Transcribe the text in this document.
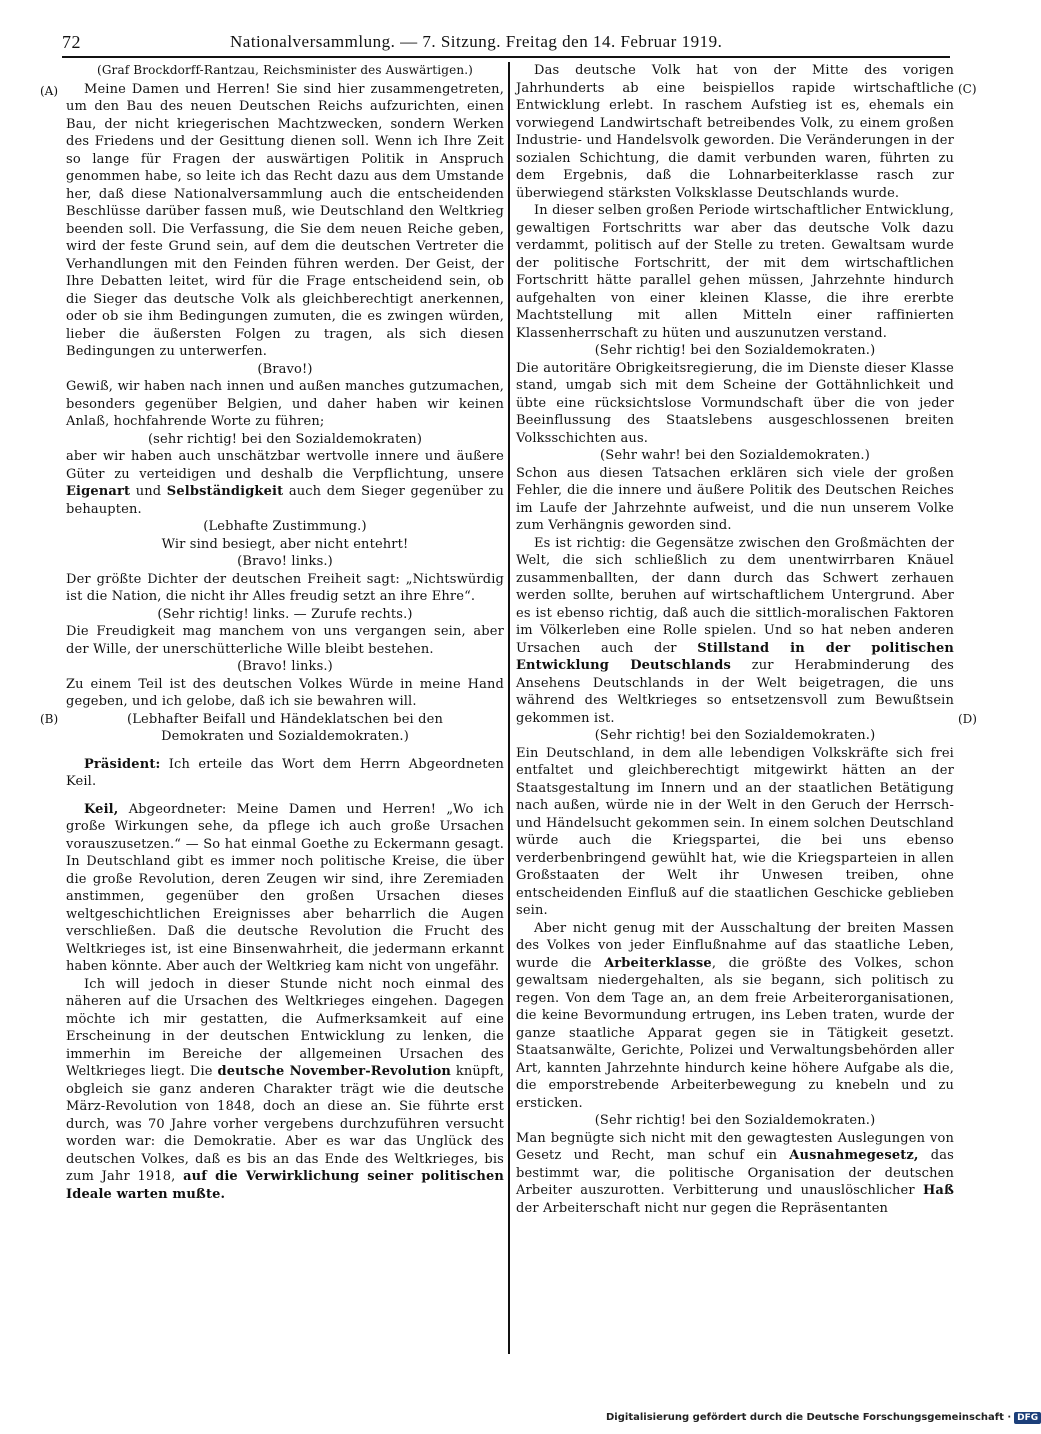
72	Nationalversammlung. — 7. Sitzung. Freitag den 14. Februar 1919.
(A)
(B)
(C)
(D)

(Graf Brockdorff-Rantzau, Reichsminister des Auswärtigen.)

Meine Damen und Herren! Sie sind hier zusammengetreten, um den Bau des neuen Deutschen Reichs aufzurichten, einen Bau, der nicht kriegerischen Machtzwecken, sondern Werken des Friedens und der Gesittung dienen soll. Wenn ich Ihre Zeit so lange für Fragen der auswärtigen Politik in Anspruch genommen habe, so leite ich das Recht dazu aus dem Umstande her, daß diese Nationalversammlung auch die entscheidenden Beschlüsse darüber fassen muß, wie Deutschland den Weltkrieg beenden soll. Die Verfassung, die Sie dem neuen Reiche geben, wird der feste Grund sein, auf dem die deutschen Vertreter die Verhandlungen mit den Feinden führen werden. Der Geist, der Ihre Debatten leitet, wird für die Frage entscheidend sein, ob die Sieger das deutsche Volk als gleichberechtigt anerkennen, oder ob sie ihm Bedingungen zumuten, die es zwingen würden, lieber die äußersten Folgen zu tragen, als sich diesen Bedingungen zu unterwerfen.

(Bravo!)

Gewiß, wir haben nach innen und außen manches gutzumachen, besonders gegenüber Belgien, und daher haben wir keinen Anlaß, hochfahrende Worte zu führen;

(sehr richtig! bei den Sozialdemokraten)

aber wir haben auch unschätzbar wertvolle innere und äußere Güter zu verteidigen und deshalb die Verpflichtung, unsere Eigenart und Selbständigkeit auch dem Sieger gegenüber zu behaupten.

(Lebhafte Zustimmung.)

Wir sind besiegt, aber nicht entehrt!

(Bravo! links.)

Der größte Dichter der deutschen Freiheit sagt: „Nichtswürdig ist die Nation, die nicht ihr Alles freudig setzt an ihre Ehre“.

(Sehr richtig! links. — Zurufe rechts.)

Die Freudigkeit mag manchem von uns vergangen sein, aber der Wille, der unerschütterliche Wille bleibt bestehen.

(Bravo! links.)

Zu einem Teil ist des deutschen Volkes Würde in meine Hand gegeben, und ich gelobe, daß ich sie bewahren will.

(Lebhafter Beifall und Händeklatschen bei den

Demokraten und Sozialdemokraten.)

Präsident: Ich erteile das Wort dem Herrn Abgeordneten Keil.

Keil, Abgeordneter: Meine Damen und Herren! „Wo ich große Wirkungen sehe, da pflege ich auch große Ursachen vorauszusetzen.“ — So hat einmal Goethe zu Eckermann gesagt. In Deutschland gibt es immer noch politische Kreise, die über die große Revolution, deren Zeugen wir sind, ihre Zeremiaden anstimmen, gegenüber den großen Ursachen dieses weltgeschichtlichen Ereignisses aber beharrlich die Augen verschließen. Daß die deutsche Revolution die Frucht des Weltkrieges ist, ist eine Binsenwahrheit, die jedermann erkannt haben könnte. Aber auch der Weltkrieg kam nicht von ungefähr.

Ich will jedoch in dieser Stunde nicht noch einmal des näheren auf die Ursachen des Weltkrieges eingehen. Dagegen möchte ich mir gestatten, die Aufmerksamkeit auf eine Erscheinung in der deutschen Entwicklung zu lenken, die immerhin im Bereiche der allgemeinen Ursachen des Weltkrieges liegt. Die deutsche November-Revolution knüpft, obgleich sie ganz anderen Charakter trägt wie die deutsche März-Revolution von 1848, doch an diese an. Sie führte erst durch, was 70 Jahre vorher vergebens durchzuführen versucht worden war: die Demokratie. Aber es war das Unglück des deutschen Volkes, daß es bis an das Ende des Weltkrieges, bis zum Jahr 1918, auf die Verwirklichung seiner politischen Ideale warten mußte.

Das deutsche Volk hat von der Mitte des vorigen Jahrhunderts ab eine beispiellos rapide wirtschaftliche Entwicklung erlebt. In raschem Aufstieg ist es, ehemals ein vorwiegend Landwirtschaft betreibendes Volk, zu einem großen Industrie- und Handelsvolk geworden. Die Veränderungen in der sozialen Schichtung, die damit verbunden waren, führten zu dem Ergebnis, daß die Lohnarbeiterklasse rasch zur überwiegend stärksten Volksklasse Deutschlands wurde.

In dieser selben großen Periode wirtschaftlicher Entwicklung, gewaltigen Fortschritts war aber das deutsche Volk dazu verdammt, politisch auf der Stelle zu treten. Gewaltsam wurde der politische Fortschritt, der mit dem wirtschaftlichen Fortschritt hätte parallel gehen müssen, Jahrzehnte hindurch aufgehalten von einer kleinen Klasse, die ihre ererbte Machtstellung mit allen Mitteln einer raffinierten Klassenherrschaft zu hüten und auszunutzen verstand.

(Sehr richtig! bei den Sozialdemokraten.)

Die autoritäre Obrigkeitsregierung, die im Dienste dieser Klasse stand, umgab sich mit dem Scheine der Gottähnlichkeit und übte eine rücksichtslose Vormundschaft über die von jeder Beeinflussung des Staatslebens ausgeschlossenen breiten Volksschichten aus.

(Sehr wahr! bei den Sozialdemokraten.)

Schon aus diesen Tatsachen erklären sich viele der großen Fehler, die die innere und äußere Politik des Deutschen Reiches im Laufe der Jahrzehnte aufweist, und die nun unserem Volke zum Verhängnis geworden sind.

Es ist richtig: die Gegensätze zwischen den Großmächten der Welt, die sich schließlich zu dem unentwirrbaren Knäuel zusammenballten, der dann durch das Schwert zerhauen werden sollte, beruhen auf wirtschaftlichem Untergrund. Aber es ist ebenso richtig, daß auch die sittlich-moralischen Faktoren im Völkerleben eine Rolle spielen. Und so hat neben anderen Ursachen auch der Stillstand in der politischen Entwicklung Deutschlands zur Herabminderung des Ansehens Deutschlands in der Welt beigetragen, die uns während des Weltkrieges so entsetzensvoll zum Bewußtsein gekommen ist.

(Sehr richtig! bei den Sozialdemokraten.)

Ein Deutschland, in dem alle lebendigen Volkskräfte sich frei entfaltet und gleichberechtigt mitgewirkt hätten an der Staatsgestaltung im Innern und an der staatlichen Betätigung nach außen, würde nie in der Welt in den Geruch der Herrsch- und Händelsucht gekommen sein. In einem solchen Deutschland würde auch die Kriegspartei, die bei uns ebenso verderbenbringend gewühlt hat, wie die Kriegsparteien in allen Großstaaten der Welt ihr Unwesen treiben, ohne entscheidenden Einfluß auf die staatlichen Geschicke geblieben sein.

Aber nicht genug mit der Ausschaltung der breiten Massen des Volkes von jeder Einflußnahme auf das staatliche Leben, wurde die Arbeiterklasse, die größte des Volkes, schon gewaltsam niedergehalten, als sie begann, sich politisch zu regen. Von dem Tage an, an dem freie Arbeiterorganisationen, die keine Bevormundung ertrugen, ins Leben traten, wurde der ganze staatliche Apparat gegen sie in Tätigkeit gesetzt. Staatsanwälte, Gerichte, Polizei und Verwaltungsbehörden aller Art, kannten Jahrzehnte hindurch keine höhere Aufgabe als die, die emporstrebende Arbeiterbewegung zu knebeln und zu ersticken.

(Sehr richtig! bei den Sozialdemokraten.)

Man begnügte sich nicht mit den gewagtesten Auslegungen von Gesetz und Recht, man schuf ein Ausnahmegesetz, das bestimmt war, die politische Organisation der deutschen Arbeiter auszurotten. Verbitterung und unauslöschlicher Haß der Arbeiterschaft nicht nur gegen die Repräsentanten

Digitalisierung gefördert durch die Deutsche Forschungsgemeinschaft · DFG
